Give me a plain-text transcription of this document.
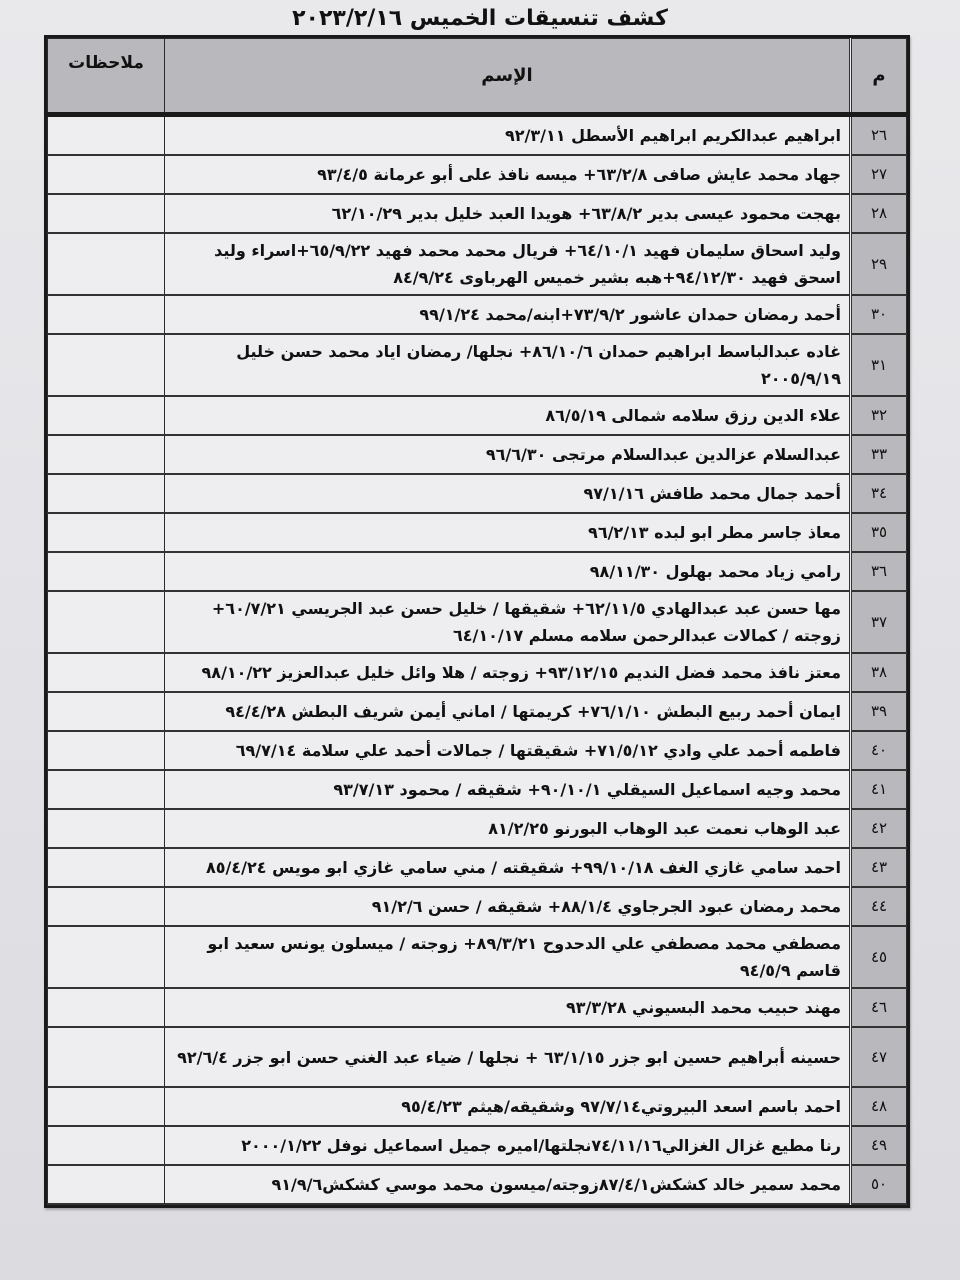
كشف تنسيقات الخميس ٢٠٢٣/٢/١٦
م	الإسم	ملاحظات
٢٦	ابراهيم عبدالكريم ابراهيم الأسطل ٩٢/٣/١١	
٢٧	جهاد محمد عايش صافى ٦٣/٢/٨+ ميسه نافذ على أبو عرمانة ٩٣/٤/٥	
٢٨	بهجت محمود عيسى بدير ٦٣/٨/٢+ هويدا العبد خليل بدير ٦٢/١٠/٢٩	
٢٩	وليد اسحاق سليمان فهيد ٦٤/١٠/١+ فريال محمد محمد فهيد ٦٥/٩/٢٢+اسراء وليد اسحق فهيد ٩٤/١٢/٣٠+هبه بشير خميس الهرباوى ٨٤/٩/٢٤	
٣٠	أحمد رمضان حمدان عاشور ٧٣/٩/٢+ابنه/محمد ٩٩/١/٢٤	
٣١	غاده عبدالباسط ابراهيم حمدان ٨٦/١٠/٦+ نجلها/ رمضان اياد محمد حسن خليل ٢٠٠٥/٩/١٩	
٣٢	علاء الدين رزق سلامه شمالى ٨٦/٥/١٩	
٣٣	عبدالسلام عزالدين عبدالسلام مرتجى ٩٦/٦/٣٠	
٣٤	أحمد جمال محمد طافش ٩٧/١/١٦	
٣٥	معاذ جاسر مطر ابو لبده ٩٦/٢/١٣	
٣٦	رامي زياد محمد بهلول ٩٨/١١/٣٠	
٣٧	مها حسن عبد عبدالهادي ٦٢/١١/٥+ شقيقها / خليل حسن عبد الجريسي ٦٠/٧/٢١+ زوجته / كمالات عبدالرحمن سلامه مسلم ٦٤/١٠/١٧	
٣٨	معتز نافذ محمد فضل النديم ٩٣/١٢/١٥+ زوجته / هلا وائل خليل عبدالعزيز ٩٨/١٠/٢٢	
٣٩	ايمان أحمد ربيع البطش ٧٦/١/١٠+ كريمتها / اماني أيمن شريف البطش ٩٤/٤/٢٨	
٤٠	فاطمه أحمد علي وادي ٧١/٥/١٢+ شقيقتها / جمالات أحمد علي سلامة ٦٩/٧/١٤	
٤١	محمد وجيه اسماعيل السيقلي ٩٠/١٠/١+ شقيقه / محمود ٩٣/٧/١٣	
٤٢	عبد الوهاب نعمت عبد الوهاب البورنو ٨١/٢/٢٥	
٤٣	احمد سامي غازي الغف ٩٩/١٠/١٨+ شقيقته / مني سامي غازي ابو مويس ٨٥/٤/٢٤	
٤٤	محمد رمضان عبود الجرجاوي ٨٨/١/٤+ شقيقه / حسن ٩١/٢/٦	
٤٥	مصطفي محمد مصطفي علي الدحدوح ٨٩/٣/٢١+ زوجته / ميسلون يونس سعيد ابو قاسم ٩٤/٥/٩	
٤٦	مهند حبيب محمد البسيوني ٩٣/٣/٢٨	
٤٧	حسينه أبراهيم حسين ابو جزر ٦٣/١/١٥ + نجلها / ضياء عبد الغني حسن ابو جزر ٩٢/٦/٤	
٤٨	احمد باسم اسعد البيروتي٩٧/٧/١٤ وشقيقه/هيثم ٩٥/٤/٢٣	
٤٩	رنا مطيع غزال الغزالي٧٤/١١/١٦نجلتها/اميره جميل اسماعيل نوفل ٢٠٠٠/١/٢٢	
٥٠	محمد سمير خالد كشكش٨٧/٤/١زوجته/ميسون محمد موسي كشكش٩١/٩/٦	
